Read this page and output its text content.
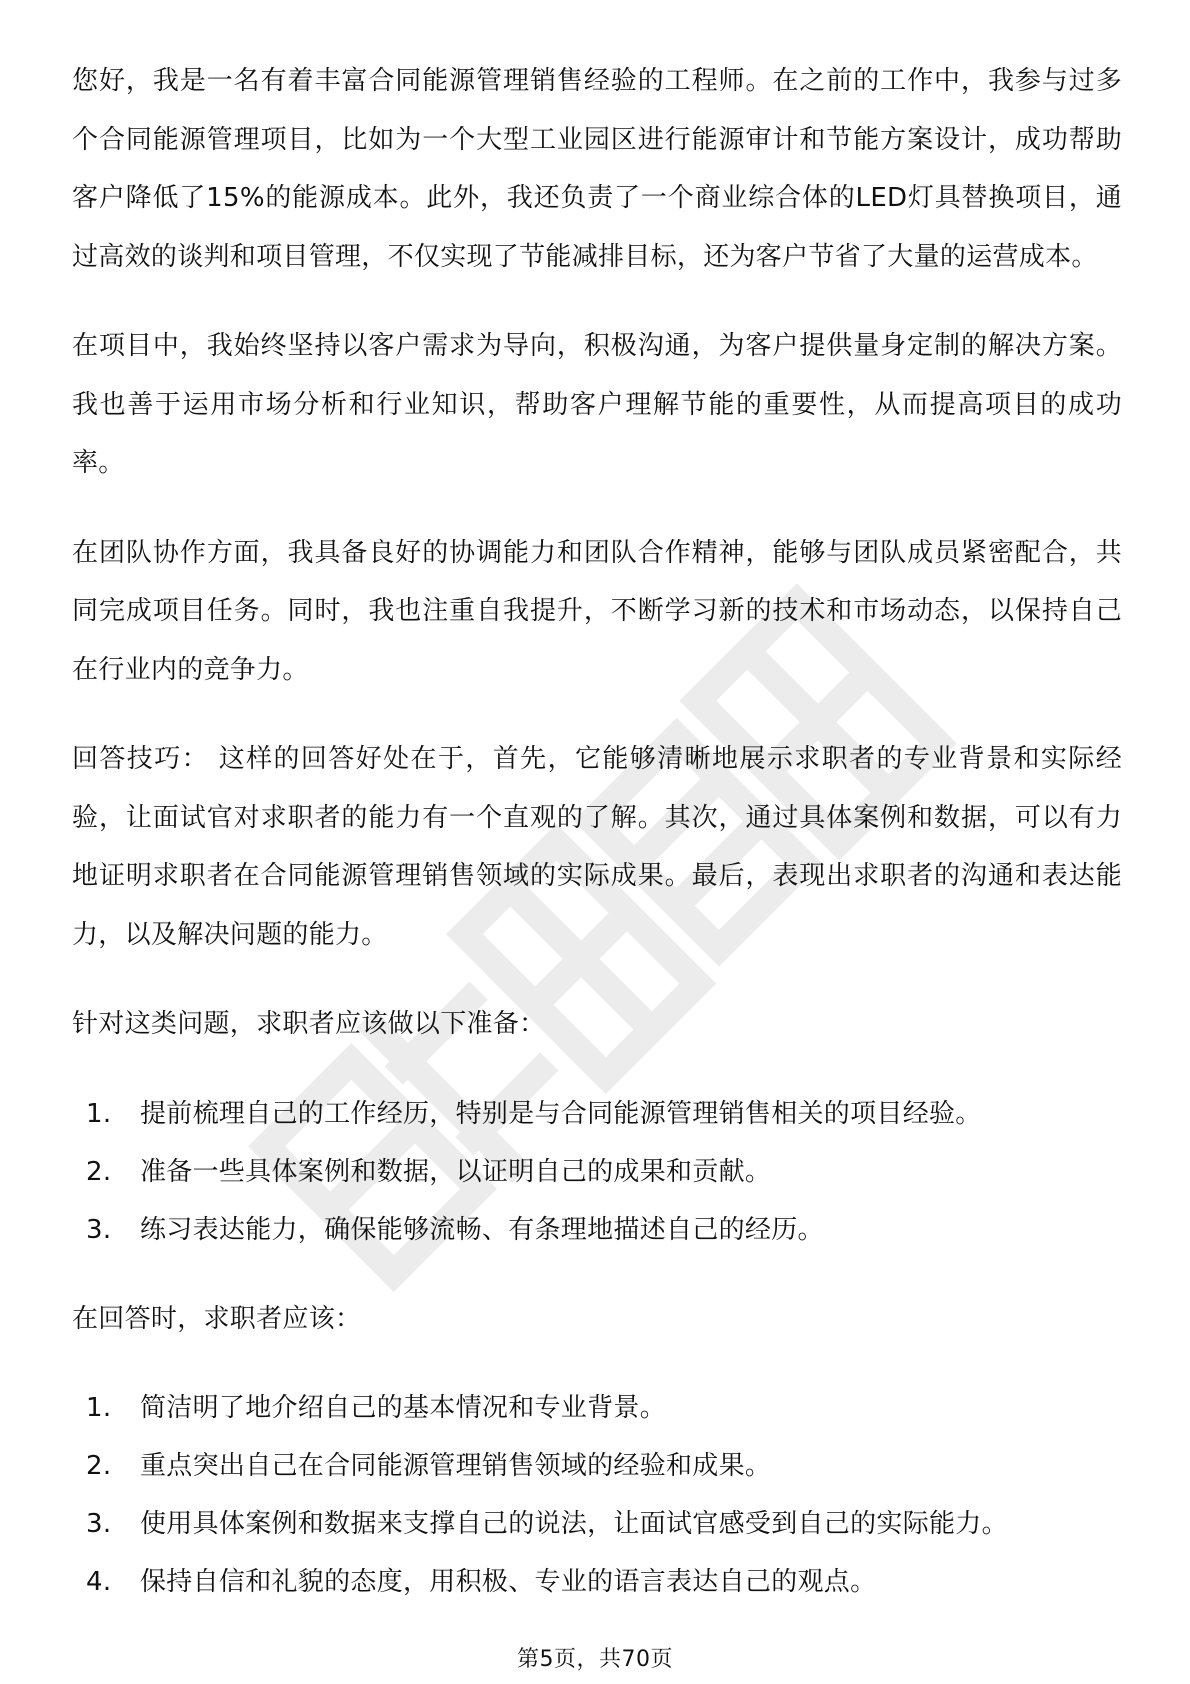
您好，我是一名有着丰富合同能源管理销售经验的工程师。在之前的工作中，我参与过多个合同能源管理项目，比如为一个大型工业园区进行能源审计和节能方案设计，成功帮助客户降低了15%的能源成本。此外，我还负责了一个商业综合体的LED灯具替换项目，通过高效的谈判和项目管理，不仅实现了节能减排目标，还为客户节省了大量的运营成本。

在项目中，我始终坚持以客户需求为导向，积极沟通，为客户提供量身定制的解决方案。我也善于运用市场分析和行业知识，帮助客户理解节能的重要性，从而提高项目的成功率。

在团队协作方面，我具备良好的协调能力和团队合作精神，能够与团队成员紧密配合，共同完成项目任务。同时，我也注重自我提升，不断学习新的技术和市场动态，以保持自己在行业内的竞争力。

回答技巧： 这样的回答好处在于，首先，它能够清晰地展示求职者的专业背景和实际经验，让面试官对求职者的能力有一个直观的了解。其次，通过具体案例和数据，可以有力地证明求职者在合同能源管理销售领域的实际成果。最后，表现出求职者的沟通和表达能力，以及解决问题的能力。

针对这类问题，求职者应该做以下准备：

1.	提前梳理自己的工作经历，特别是与合同能源管理销售相关的项目经验。
2.	准备一些具体案例和数据，以证明自己的成果和贡献。
3.	练习表达能力，确保能够流畅、有条理地描述自己的经历。

在回答时，求职者应该：

1.	简洁明了地介绍自己的基本情况和专业背景。
2.	重点突出自己在合同能源管理销售领域的经验和成果。
3.	使用具体案例和数据来支撑自己的说法，让面试官感受到自己的实际能力。
4.	保持自信和礼貌的态度，用积极、专业的语言表达自己的观点。
第5页，共70页
